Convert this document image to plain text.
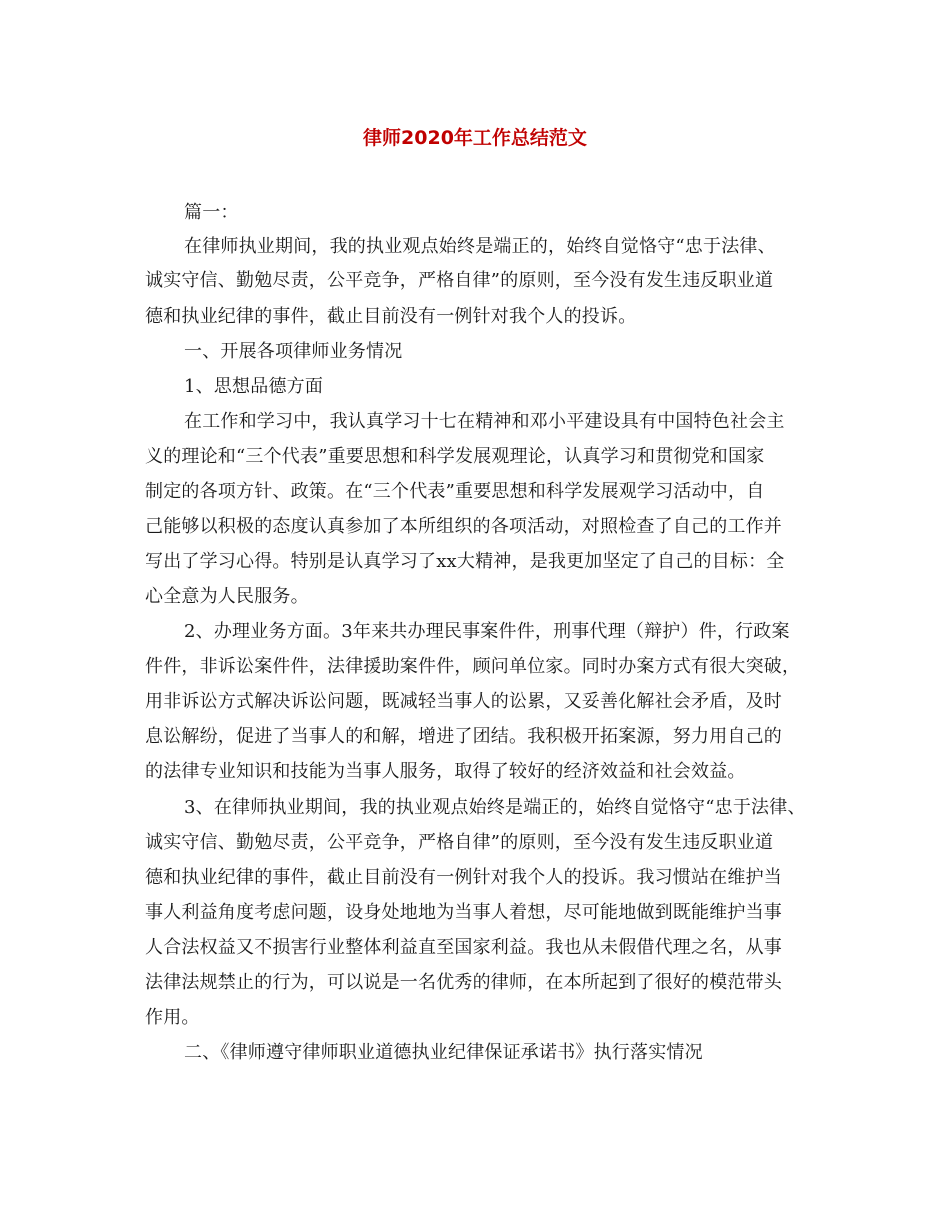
律师2020年工作总结范文
篇一：
在律师执业期间，我的执业观点始终是端正的，始终自觉恪守“忠于法律、
诚实守信、勤勉尽责，公平竞争，严格自律”的原则，至今没有发生违反职业道
德和执业纪律的事件，截止目前没有一例针对我个人的投诉。
一、开展各项律师业务情况
1、思想品德方面
在工作和学习中，我认真学习十七在精神和邓小平建设具有中国特色社会主
义的理论和“三个代表”重要思想和科学发展观理论，认真学习和贯彻党和国家
制定的各项方针、政策。在“三个代表”重要思想和科学发展观学习活动中，自
己能够以积极的态度认真参加了本所组织的各项活动，对照检查了自己的工作并
写出了学习心得。特别是认真学习了xx大精神，是我更加坚定了自己的目标：全
心全意为人民服务。
2、办理业务方面。3年来共办理民事案件件，刑事代理（辩护）件，行政案
件件，非诉讼案件件，法律援助案件件，顾问单位家。同时办案方式有很大突破，
用非诉讼方式解决诉讼问题，既减轻当事人的讼累，又妥善化解社会矛盾，及时
息讼解纷，促进了当事人的和解，增进了团结。我积极开拓案源，努力用自己的
的法律专业知识和技能为当事人服务，取得了较好的经济效益和社会效益。
3、在律师执业期间，我的执业观点始终是端正的，始终自觉恪守“忠于法律、
诚实守信、勤勉尽责，公平竞争，严格自律”的原则，至今没有发生违反职业道
德和执业纪律的事件，截止目前没有一例针对我个人的投诉。我习惯站在维护当
事人利益角度考虑问题，设身处地地为当事人着想，尽可能地做到既能维护当事
人合法权益又不损害行业整体利益直至国家利益。我也从未假借代理之名，从事
法律法规禁止的行为，可以说是一名优秀的律师，在本所起到了很好的模范带头
作用。
二、《律师遵守律师职业道德执业纪律保证承诺书》执行落实情况
